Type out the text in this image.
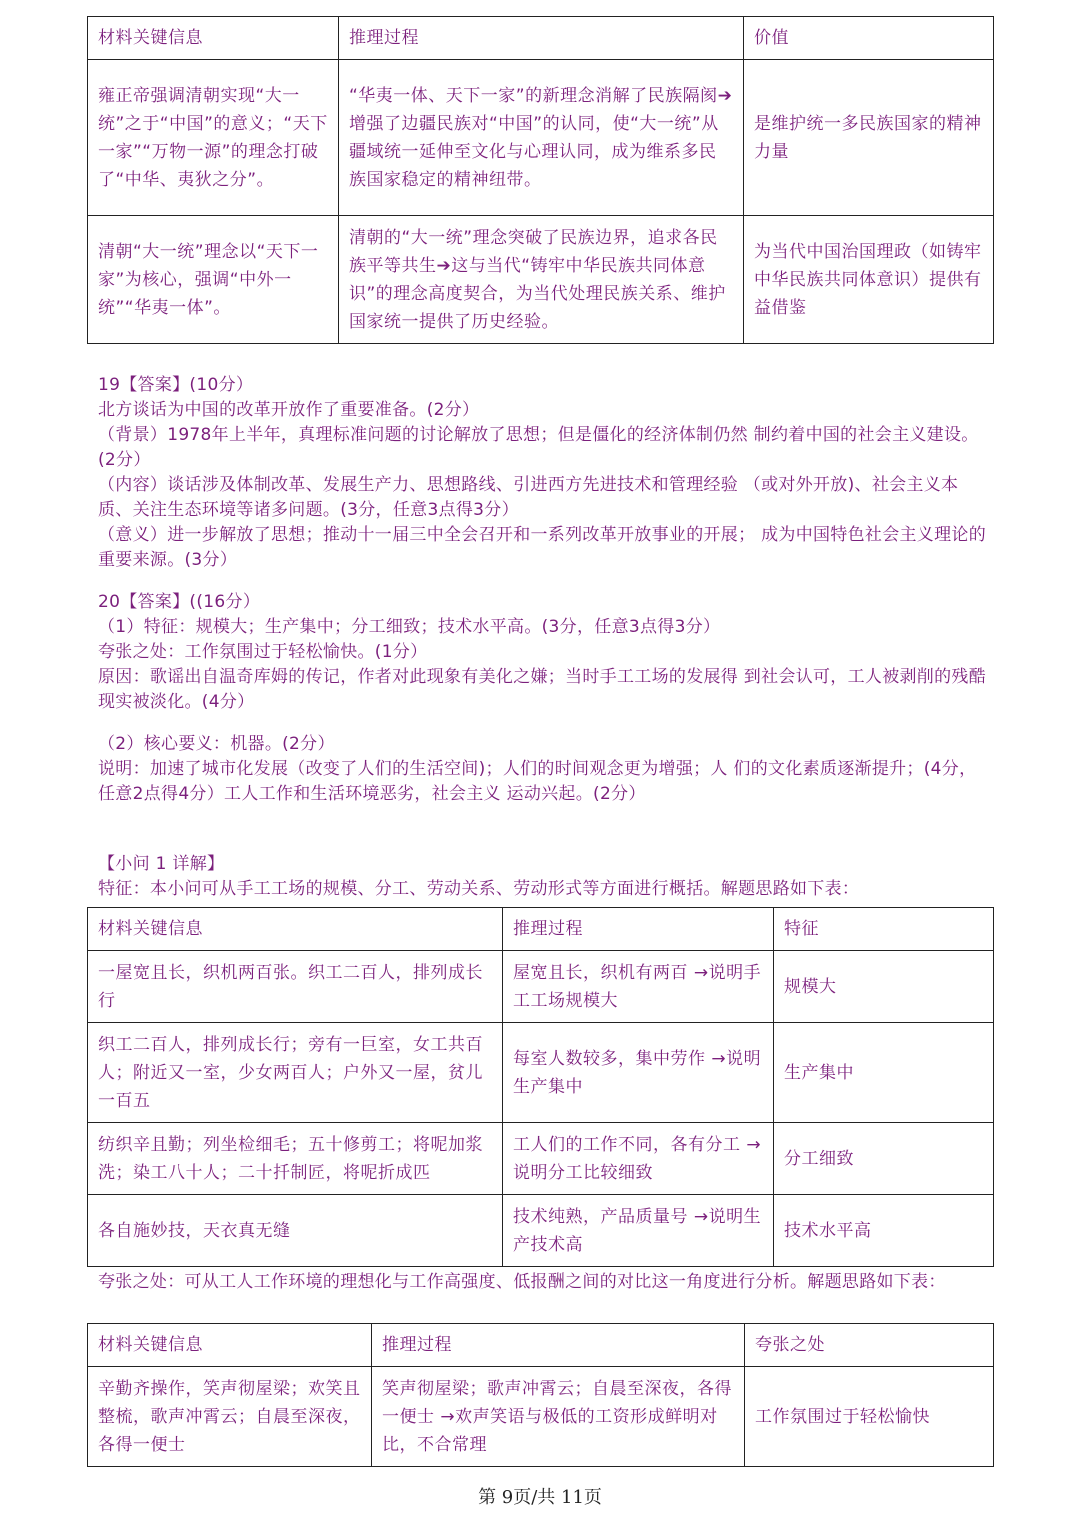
材料关键信息	推理过程	价值
雍正帝强调清朝实现“大一统”之于“中国”的意义；“天下一家”“万物一源”的理念打破了“中华、夷狄之分”。	“华夷一体、天下一家”的新理念消解了民族隔阂➔增强了边疆民族对“中国”的认同，使“大一统”从疆域统一延伸至文化与心理认同，成为维系多民族国家稳定的精神纽带。	是维护统一多民族国家的精神力量
清朝“大一统”理念以“天下一家”为核心，强调“中外一统”“华夷一体”。	清朝的“大一统”理念突破了民族边界，追求各民族平等共生➔这与当代“铸牢中华民族共同体意识”的理念高度契合，为当代处理民族关系、维护国家统一提供了历史经验。	为当代中国治国理政（如铸牢中华民族共同体意识）提供有益借鉴

19【答案】(10分）

北方谈话为中国的改革开放作了重要准备。(2分）

（背景）1978年上半年，真理标准问题的讨论解放了思想；但是僵化的经济体制仍然 制约着中国的社会主义建设。(2分）

（内容）谈话涉及体制改革、发展生产力、思想路线、引进西方先进技术和管理经验 （或对外开放)、社会主义本质、关注生态环境等诸多问题。(3分，任意3点得3分）

（意义）进一步解放了思想；推动十一届三中全会召开和一系列改革开放事业的开展； 成为中国特色社会主义理论的重要来源。(3分）

20【答案】((16分）

（1）特征：规模大；生产集中；分工细致；技术水平高。(3分，任意3点得3分）

夸张之处：工作氛围过于轻松愉快。(1分）

原因：歌谣出自温奇库姆的传记，作者对此现象有美化之嫌；当时手工工场的发展得 到社会认可，工人被剥削的残酷现实被淡化。(4分）

（2）核心要义：机器。(2分）

说明：加速了城市化发展（改变了人们的生活空间)；人们的时间观念更为增强；人 们的文化素质逐渐提升；(4分，任意2点得4分）工人工作和生活环境恶劣，社会主义 运动兴起。(2分）

【小问 1 详解】

特征：本小问可从手工工场的规模、分工、劳动关系、劳动形式等方面进行概括。解题思路如下表：

材料关键信息	推理过程	特征
一屋宽且长，织机两百张。织工二百人，排列成长行	屋宽且长，织机有两百 →说明手工工场规模大	规模大
织工二百人，排列成长行；旁有一巨室，女工共百人；附近又一室，少女两百人；户外又一屋，贫儿一百五	每室人数较多，集中劳作 →说明生产集中	生产集中
纺织辛且勤；列坐检细毛；五十修剪工；将呢加浆洗；染工八十人；二十扦制匠，将呢折成匹	工人们的工作不同，各有分工 →说明分工比较细致	分工细致
各自施妙技，天衣真无缝	技术纯熟，产品质量号 →说明生产技术高	技术水平高

夸张之处：可从工人工作环境的理想化与工作高强度、低报酬之间的对比这一角度进行分析。解题思路如下表：

材料关键信息	推理过程	夸张之处
辛勤齐操作，笑声彻屋梁；欢笑且整梳，歌声冲霄云；自晨至深夜，各得一便士	笑声彻屋梁；歌声冲霄云；自晨至深夜，各得一便士 →欢声笑语与极低的工资形成鲜明对比，不合常理	工作氛围过于轻松愉快
第 9页/共 11页
